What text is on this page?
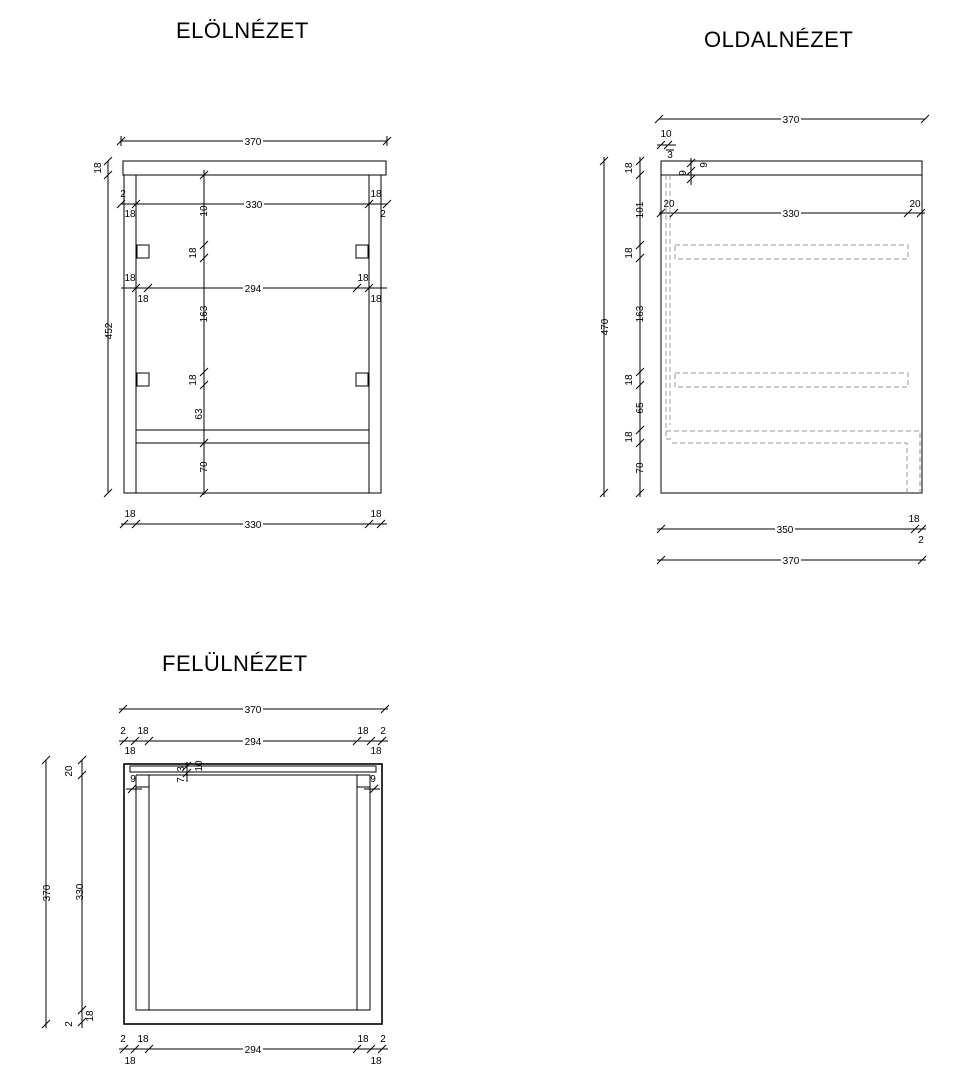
ELÖLNÉZET	OLDALNÉZET
FELÜLNÉZET
370
330
2
18
18
2
294
18
18
18
18
18
452
10
18
163
18
63
70
330
18	18
370
10
3
9
9
330
20	20
470
18
101
18
163
18
65
18
70
350
18
2
370
370
294
2 18	18 2
18	18
7
3 10
9	9
370
20
330
2
18
294
2 18	18 2
18	18
